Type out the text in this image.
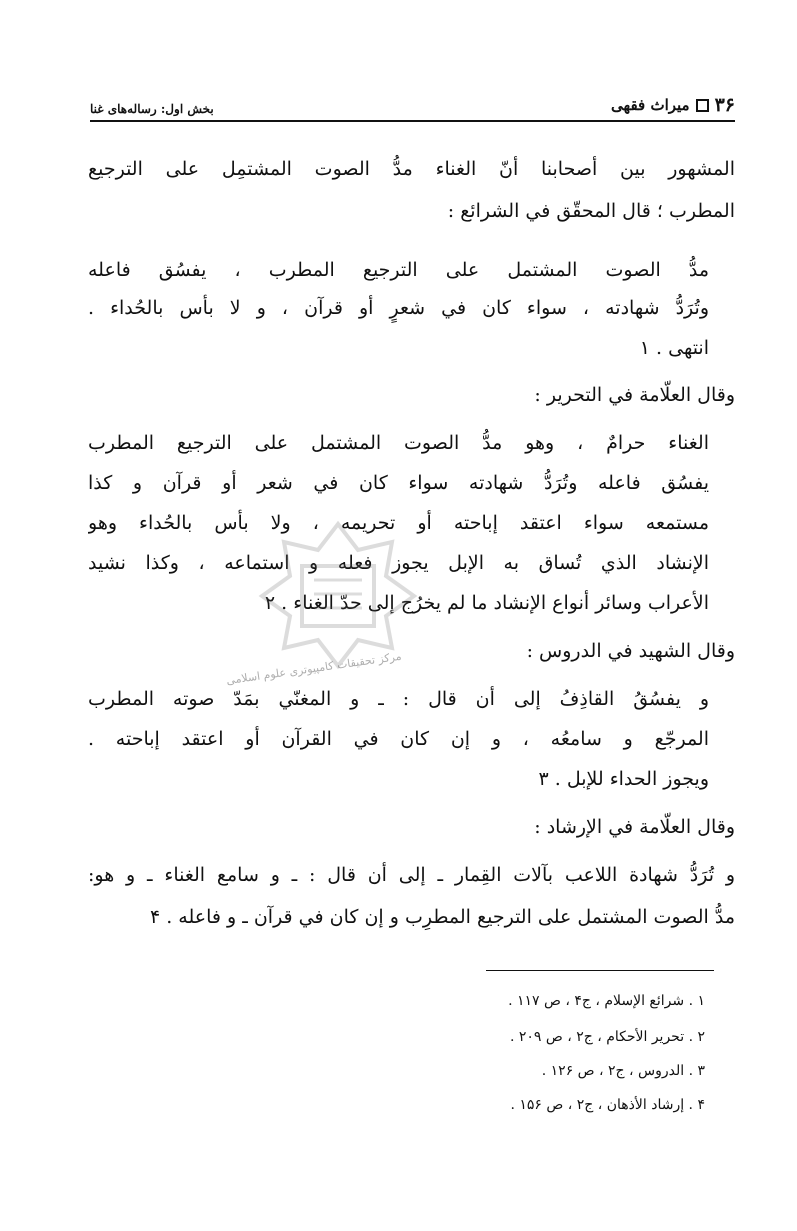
۳۶
میراث فقهی
بخش اول: رساله‌های غنا
المشهور بين أصحابنا أنّ الغناء مدُّ الصوت المشتمِل على الترجيع
المطرب ؛ قال المحقّق في الشرائع :
مدُّ الصوت المشتمل على الترجيع المطرب ، يفسُق فاعله
وتُرَدُّ شهادته ، سواء كان في شعرٍ أو قرآن ، و لا بأس بالحُداء .
انتهى . ۱
وقال العلّامة في التحرير :
الغناء حرامٌ ، وهو مدُّ الصوت المشتمل على الترجيع المطرب
يفسُق فاعله وتُرَدُّ شهادته سواء كان في شعر أو قرآن و كذا
مستمعه سواء اعتقد إباحته أو تحريمه ، ولا بأس بالحُداء وهو
الإنشاد الذي تُساق به الإبل يجوز فعله و استماعه ، وكذا نشيد
الأعراب وسائر أنواع الإنشاد ما لم يخرُج إلى حدّ الغناء . ۲
وقال الشهيد في الدروس :
و يفسُقُ القاذِفُ إلى أن قال : ـ و المغنّي بمَدّ صوته المطرب
المرجّع و سامعُه ، و إن كان في القرآن أو اعتقد إباحته .
ويجوز الحداء للإبل . ۳
وقال العلّامة في الإرشاد :
و تُرَدُّ شهادة اللاعب بآلات القِمار ـ إلى أن قال : ـ و سامع الغناء ـ و هو:
مدُّ الصوت المشتمل على الترجيع المطرِب و إن كان في قرآن ـ و فاعله . ۴
۱ . شرائع الإسلام ، ج۴ ، ص ۱۱۷ .
۲ . تحرير الأحكام ، ج۲ ، ص ۲۰۹ .
۳ . الدروس ، ج۲ ، ص ۱۲۶ .
۴ . إرشاد الأذهان ، ج۲ ، ص ۱۵۶ .
مرکز تحقیقات کامپیوتری علوم اسلامی
